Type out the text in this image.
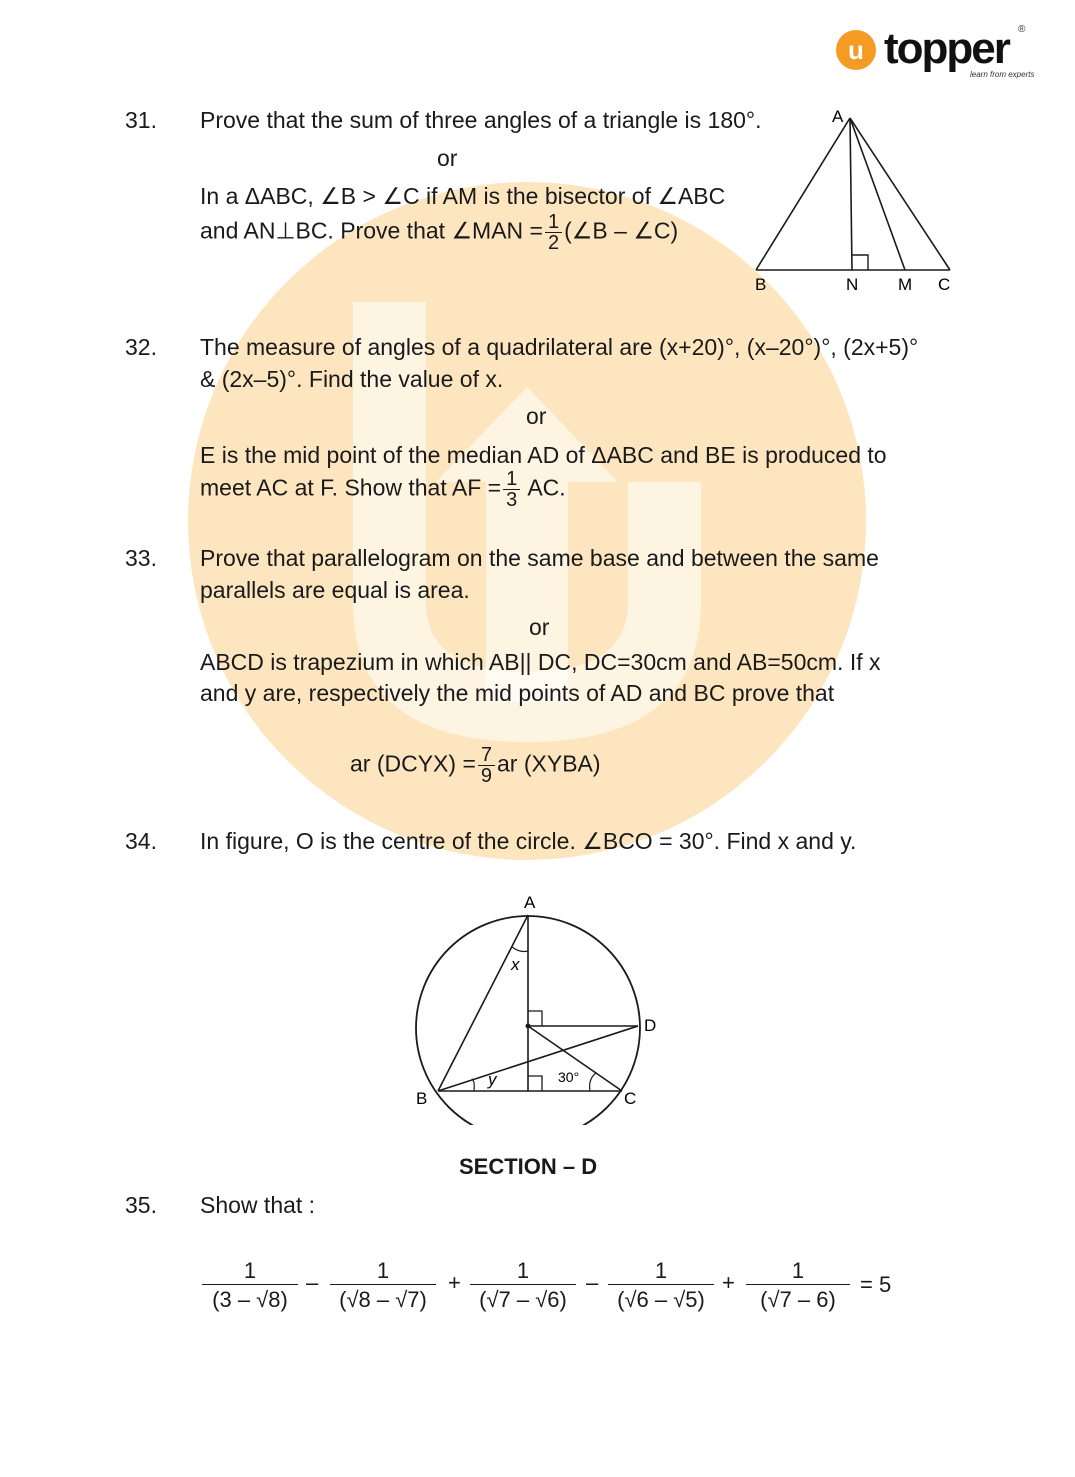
u topper
learn from experts
®
31. Prove that the sum of three angles of a triangle is 180°.
or
In a ΔABC, ∠B > ∠C if AM is the bisector of ∠ABC
and AN⊥BC. Prove that ∠MAN = $\frac{1}{2}$ (∠B – ∠C)
A
B	N M C
32. The measure of angles of a quadrilateral are (x+20)°, (x–20°)°, (2x+5)°
& (2x–5)°. Find the value of x.
or
E is the mid point of the median AD of ΔABC and BE is produced to
meet AC at F. Show that AF = $\frac{1}{3}$ AC.
33. Prove that parallelogram on the same base and between the same
parallels are equal is area.
or
ABCD is trapezium in which AB|| DC, DC=30cm and AB=50cm. If x
and y are, respectively the mid points of AD and BC prove that
ar (DCYX) = $\frac{7}{9}$ ar (XYBA)
34. In figure, O is the centre of the circle. ∠BCO = 30°. Find x and y.
A
B	C
D
x
y	30°
SECTION – D
35. Show that :
1
(3 – √8)
–	1
(√8 – √7)
+	1
(√7 – √6)
–	1
(√6 – √5)
+	1
(√7 – 6)
= 5
